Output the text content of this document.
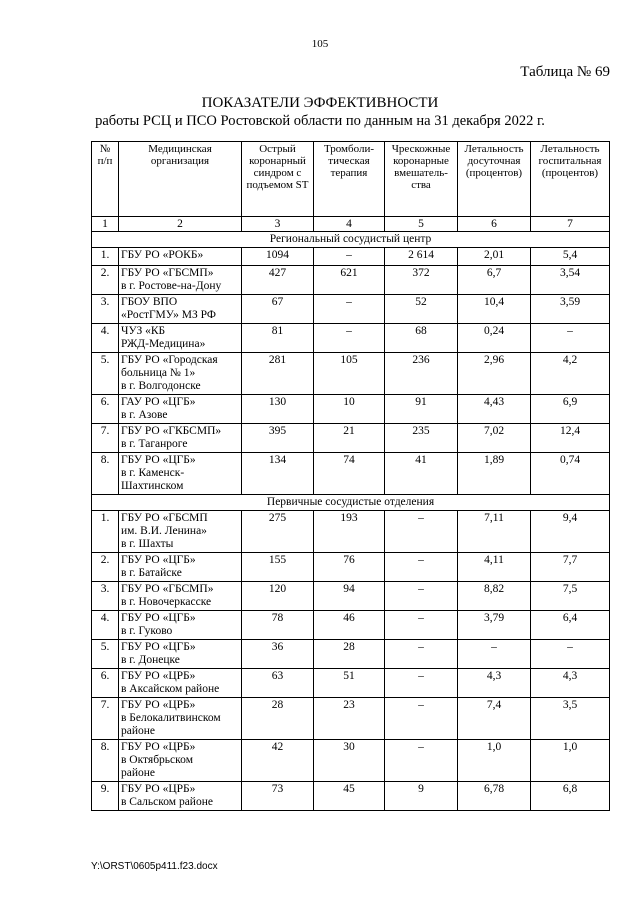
105
Таблица № 69
ПОКАЗАТЕЛИ ЭФФЕКТИВНОСТИ
работы РСЦ и ПСО Ростовской области по данным на 31 декабря 2022 г.
№ п/п	Медицинская организация	Острый коронарный синдром с подъемом ST	Тромболи-тическая терапия	Чрескожные коронарные вмешатель-ства	Летальность досуточная (процентов)	Летальность госпитальная (процентов)
1	2	3	4	5	6	7
Региональный сосудистый центр						
1.	ГБУ РО «РОКБ»	1094	–	2 614	2,01	5,4
2.	ГБУ РО «ГБСМП»
в г. Ростове-на-Дону	427	621	372	6,7	3,54
3.	ГБОУ ВПО
«РостГМУ» МЗ РФ	67	–	52	10,4	3,59
4.	ЧУЗ «КБ
РЖД-Медицина»	81	–	68	0,24	–
5.	ГБУ РО «Городская
больница № 1»
в г. Волгодонске	281	105	236	2,96	4,2
6.	ГАУ РО «ЦГБ»
в г. Азове	130	10	91	4,43	6,9
7.	ГБУ РО «ГКБСМП»
в г. Таганроге	395	21	235	7,02	12,4
8.	ГБУ РО «ЦГБ»
в г. Каменск-
Шахтинском	134	74	41	1,89	0,74
Первичные сосудистые отделения						
1.	ГБУ РО «ГБСМП
им. В.И. Ленина»
в г. Шахты	275	193	–	7,11	9,4
2.	ГБУ РО «ЦГБ»
в г. Батайске	155	76	–	4,11	7,7
3.	ГБУ РО «ГБСМП»
в г. Новочеркасске	120	94	–	8,82	7,5
4.	ГБУ РО «ЦГБ»
в г. Гуково	78	46	–	3,79	6,4
5.	ГБУ РО «ЦГБ»
в г. Донецке	36	28	–	–	–
6.	ГБУ РО «ЦРБ»
в Аксайском районе	63	51	–	4,3	4,3
7.	ГБУ РО «ЦРБ»
в Белокалитвинском
районе	28	23	–	7,4	3,5
8.	ГБУ РО «ЦРБ»
в Октябрьском
районе	42	30	–	1,0	1,0
9.	ГБУ РО «ЦРБ»
в Сальском районе	73	45	9	6,78	6,8
Y:\ORST\0605p411.f23.docx
